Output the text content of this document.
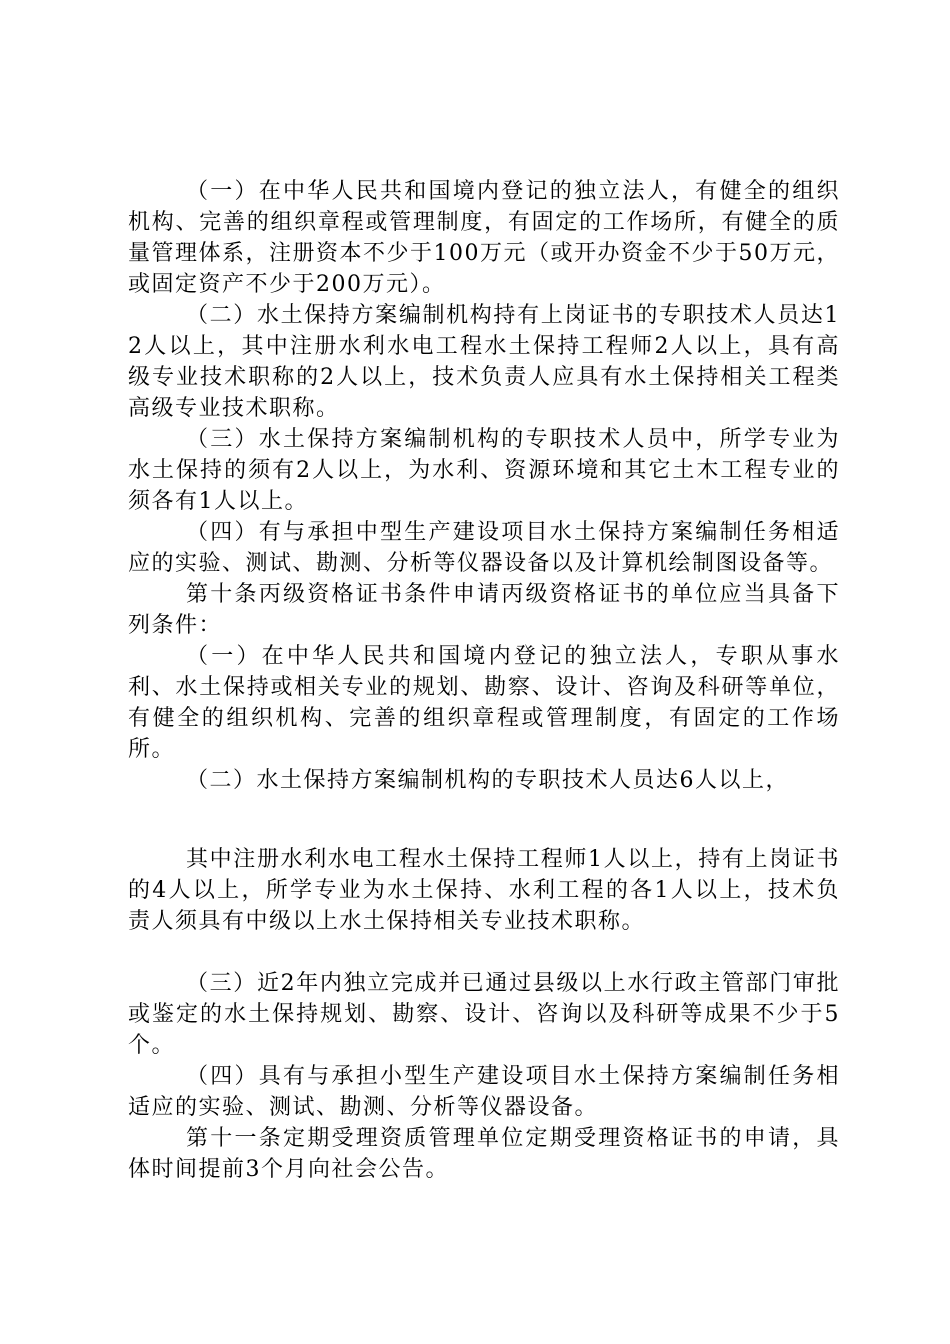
（一）在中华人民共和国境内登记的独立法人，有健全的组织机构、完善的组织章程或管理制度，有固定的工作场所，有健全的质量管理体系，注册资本不少于100万元（或开办资金不少于50万元，或固定资产不少于200万元）。

（二）水土保持方案编制机构持有上岗证书的专职技术人员达12人以上，其中注册水利水电工程水土保持工程师2人以上，具有高级专业技术职称的2人以上，技术负责人应具有水土保持相关工程类高级专业技术职称。

（三）水土保持方案编制机构的专职技术人员中，所学专业为水土保持的须有2人以上，为水利、资源环境和其它土木工程专业的须各有1人以上。

（四）有与承担中型生产建设项目水土保持方案编制任务相适应的实验、测试、勘测、分析等仪器设备以及计算机绘制图设备等。

第十条丙级资格证书条件申请丙级资格证书的单位应当具备下列条件：

（一）在中华人民共和国境内登记的独立法人，专职从事水利、水土保持或相关专业的规划、勘察、设计、咨询及科研等单位，有健全的组织机构、完善的组织章程或管理制度，有固定的工作场所。

（二）水土保持方案编制机构的专职技术人员达6人以上，

其中注册水利水电工程水土保持工程师1人以上，持有上岗证书的4人以上，所学专业为水土保持、水利工程的各1人以上，技术负责人须具有中级以上水土保持相关专业技术职称。

（三）近2年内独立完成并已通过县级以上水行政主管部门审批或鉴定的水土保持规划、勘察、设计、咨询以及科研等成果不少于5个。

（四）具有与承担小型生产建设项目水土保持方案编制任务相适应的实验、测试、勘测、分析等仪器设备。

第十一条定期受理资质管理单位定期受理资格证书的申请，具体时间提前3个月向社会公告。
